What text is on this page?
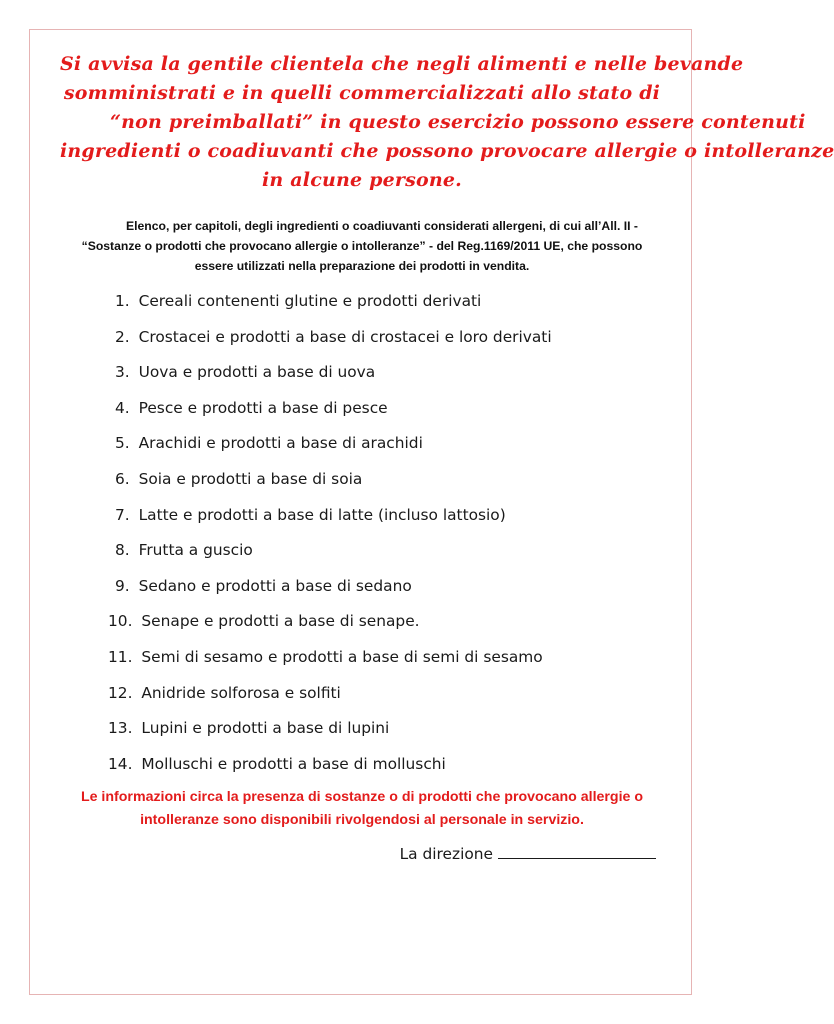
Si avvisa la gentile clientela che negli alimenti e nelle bevande
somministrati e in quelli commercializzati allo stato di
“non preimballati” in questo esercizio possono essere contenuti
ingredienti o coadiuvanti che possono provocare allergie o intolleranze
in alcune persone.
Elenco, per capitoli, degli ingredienti o coadiuvanti considerati allergeni, di cui all’All. II -
“Sostanze o prodotti che provocano allergie o intolleranze” - del Reg.1169/2011 UE, che possono
essere utilizzati nella preparazione dei prodotti in vendita.
1. Cereali contenenti glutine e prodotti derivati
2. Crostacei e prodotti a base di crostacei e loro derivati
3. Uova e prodotti a base di uova
4. Pesce e prodotti a base di pesce
5. Arachidi e prodotti a base di arachidi
6. Soia e prodotti a base di soia
7. Latte e prodotti a base di latte (incluso lattosio)
8. Frutta a guscio
9. Sedano e prodotti a base di sedano
10. Senape e prodotti a base di senape.
11. Semi di sesamo e prodotti a base di semi di sesamo
12. Anidride solforosa e solfiti
13. Lupini e prodotti a base di lupini
14. Molluschi e prodotti a base di molluschi
Le informazioni circa la presenza di sostanze o di prodotti che provocano allergie o
intolleranze sono disponibili rivolgendosi al personale in servizio.
La direzione
